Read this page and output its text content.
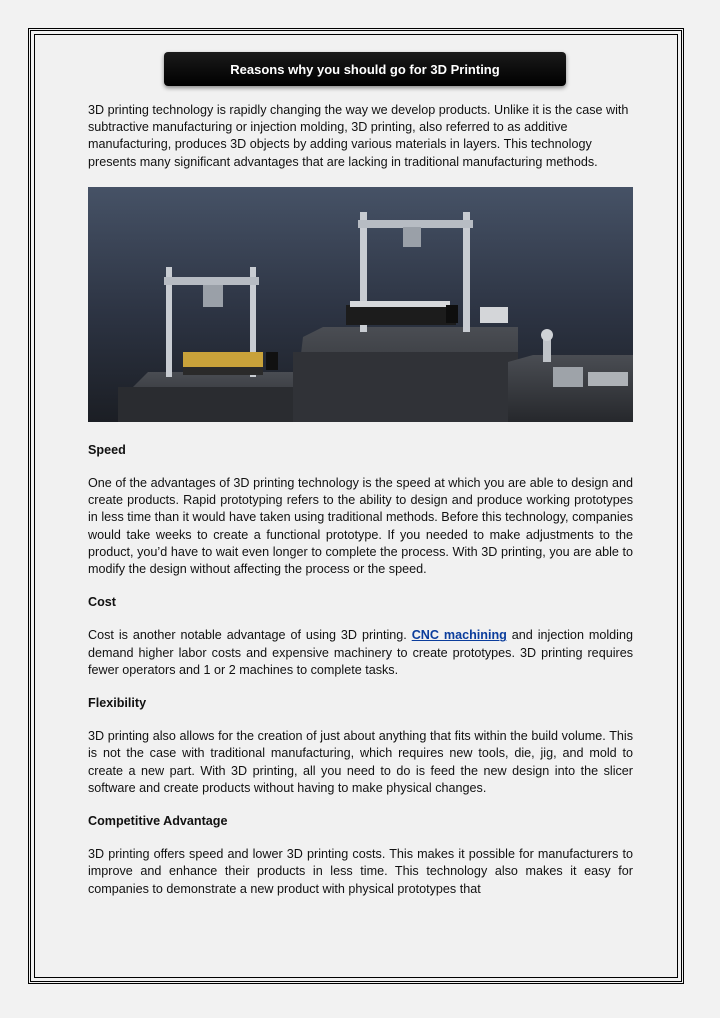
Reasons why you should go for 3D Printing

3D printing technology is rapidly changing the way we develop products. Unlike it is the case with subtractive manufacturing or injection molding, 3D printing, also referred to as additive manufacturing, produces 3D objects by adding various materials in layers. This technology presents many significant advantages that are lacking in traditional manufacturing methods.

Speed

One of the advantages of 3D printing technology is the speed at which you are able to design and create products. Rapid prototyping refers to the ability to design and produce working prototypes in less time than it would have taken using traditional methods. Before this technology, companies would take weeks to create a functional prototype. If you needed to make adjustments to the product, you’d have to wait even longer to complete the process. With 3D printing, you are able to modify the design without affecting the process or the speed.

Cost

Cost is another notable advantage of using 3D printing. CNC machining and injection molding demand higher labor costs and expensive machinery to create prototypes. 3D printing requires fewer operators and 1 or 2 machines to complete tasks.

Flexibility

3D printing also allows for the creation of just about anything that fits within the build volume. This is not the case with traditional manufacturing, which requires new tools, die, jig, and mold to create a new part. With 3D printing, all you need to do is feed the new design into the slicer software and create products without having to make physical changes.

Competitive Advantage

3D printing offers speed and lower 3D printing costs. This makes it possible for manufacturers to improve and enhance their products in less time. This technology also makes it easy for companies to demonstrate a new product with physical prototypes that
